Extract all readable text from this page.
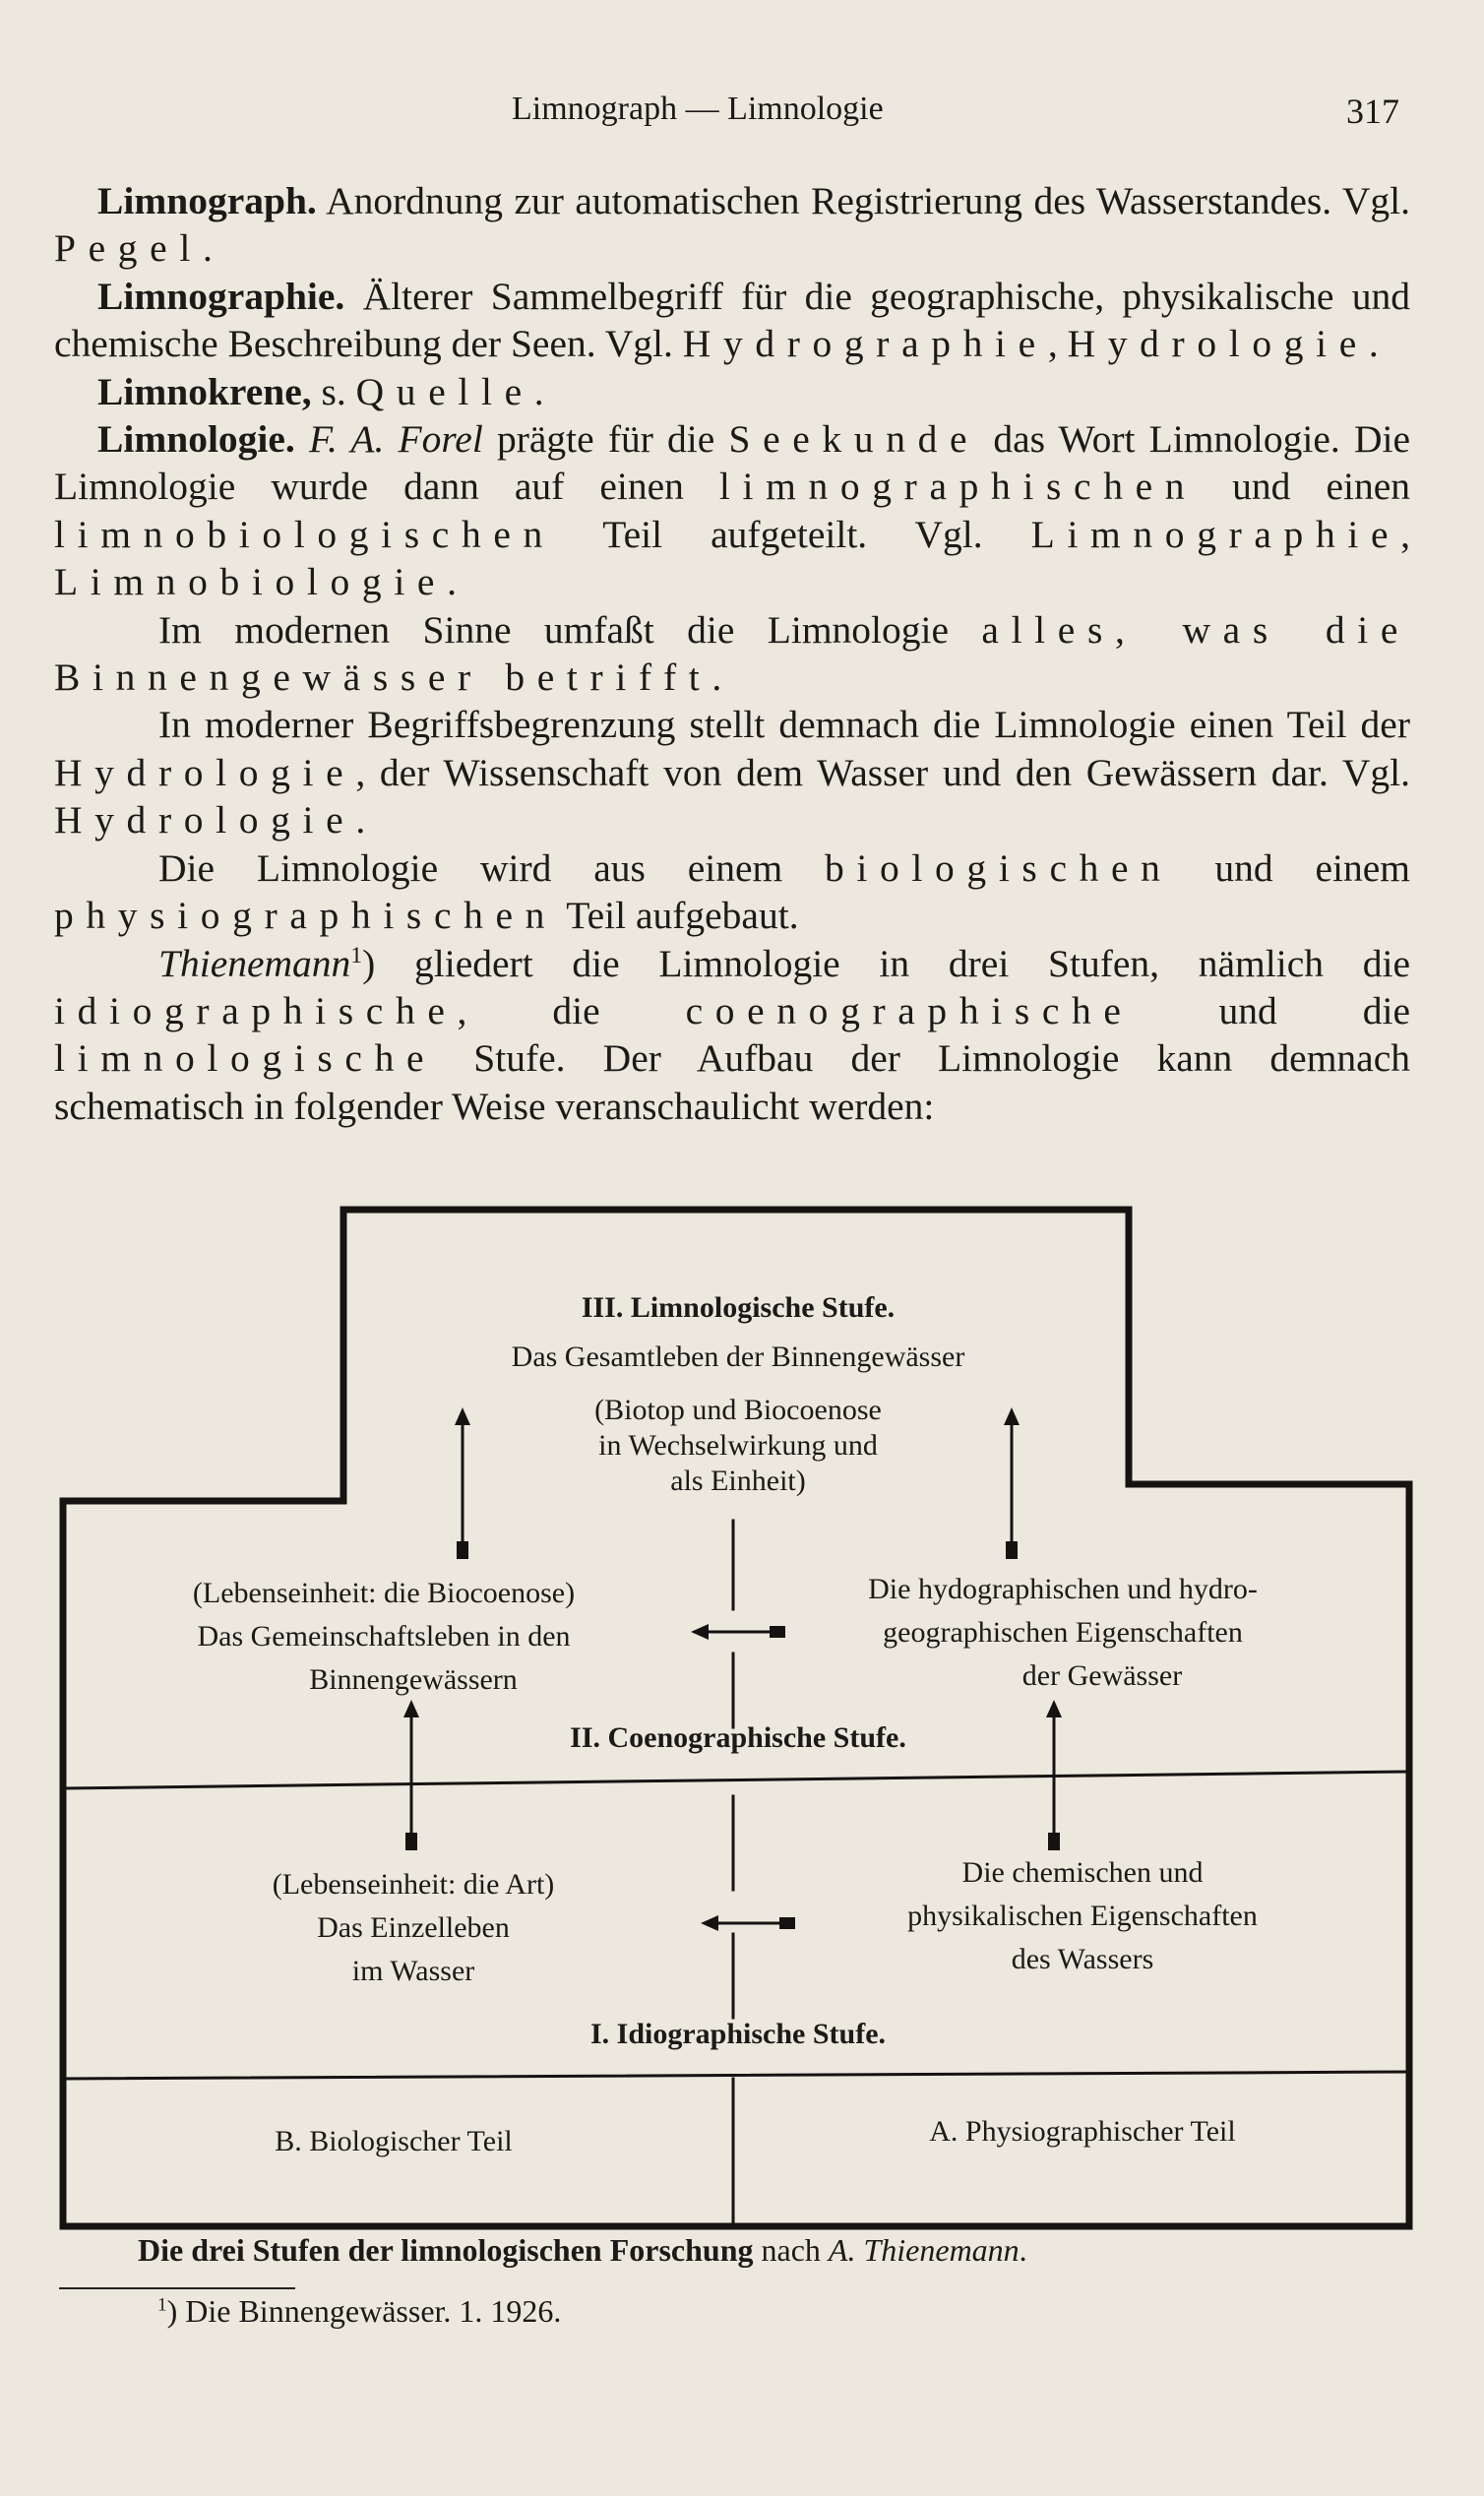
Limnograph — Limnologie	317

Limnograph. Anordnung zur automatischen Registrierung des Wasserstandes. Vgl. Pegel.

Limnographie. Älterer Sammelbegriff für die geographische, physikalische und chemische Beschreibung der Seen. Vgl. Hydrographie, Hydrologie.

Limnokrene, s. Quelle.

Limnologie. F. A. Forel prägte für die Seekunde das Wort Limnologie. Die Limnologie wurde dann auf einen limnographischen und einen limnobiologischen Teil aufgeteilt. Vgl. Limnographie, Limnobiologie.

Im modernen Sinne umfaßt die Limnologie alles, was die Binnengewässer betrifft.

In moderner Begriffsbegrenzung stellt demnach die Limnologie einen Teil der Hydrologie, der Wissenschaft von dem Wasser und den Gewässern dar. Vgl. Hydrologie.

Die Limnologie wird aus einem biologischen und einem physiographischen Teil aufgebaut.

Thienemann$^1$) gliedert die Limnologie in drei Stufen, nämlich die idiographische, die coenographische und die limnologische Stufe. Der Aufbau der Limnologie kann demnach schematisch in folgender Weise veranschaulicht werden:

III. Limnologische Stufe.
Das Gesamtleben der Binnengewässer
(Biotop und Biocoenose
in Wechselwirkung und
als Einheit)
(Lebenseinheit: die Biocoenose)
Das Gemeinschaftsleben in den
Binnengewässern
Die hydographischen und hydro-
geographischen Eigenschaften
der Gewässer
II. Coenographische Stufe.
(Lebenseinheit: die Art)
Das Einzelleben
im Wasser
Die chemischen und
physikalischen Eigenschaften
des Wassers
I. Idiographische Stufe.
B. Biologischer Teil	A. Physiographischer Teil
Die drei Stufen der limnologischen Forschung nach A. Thienemann.
$^1$) Die Binnengewässer. 1. 1926.
